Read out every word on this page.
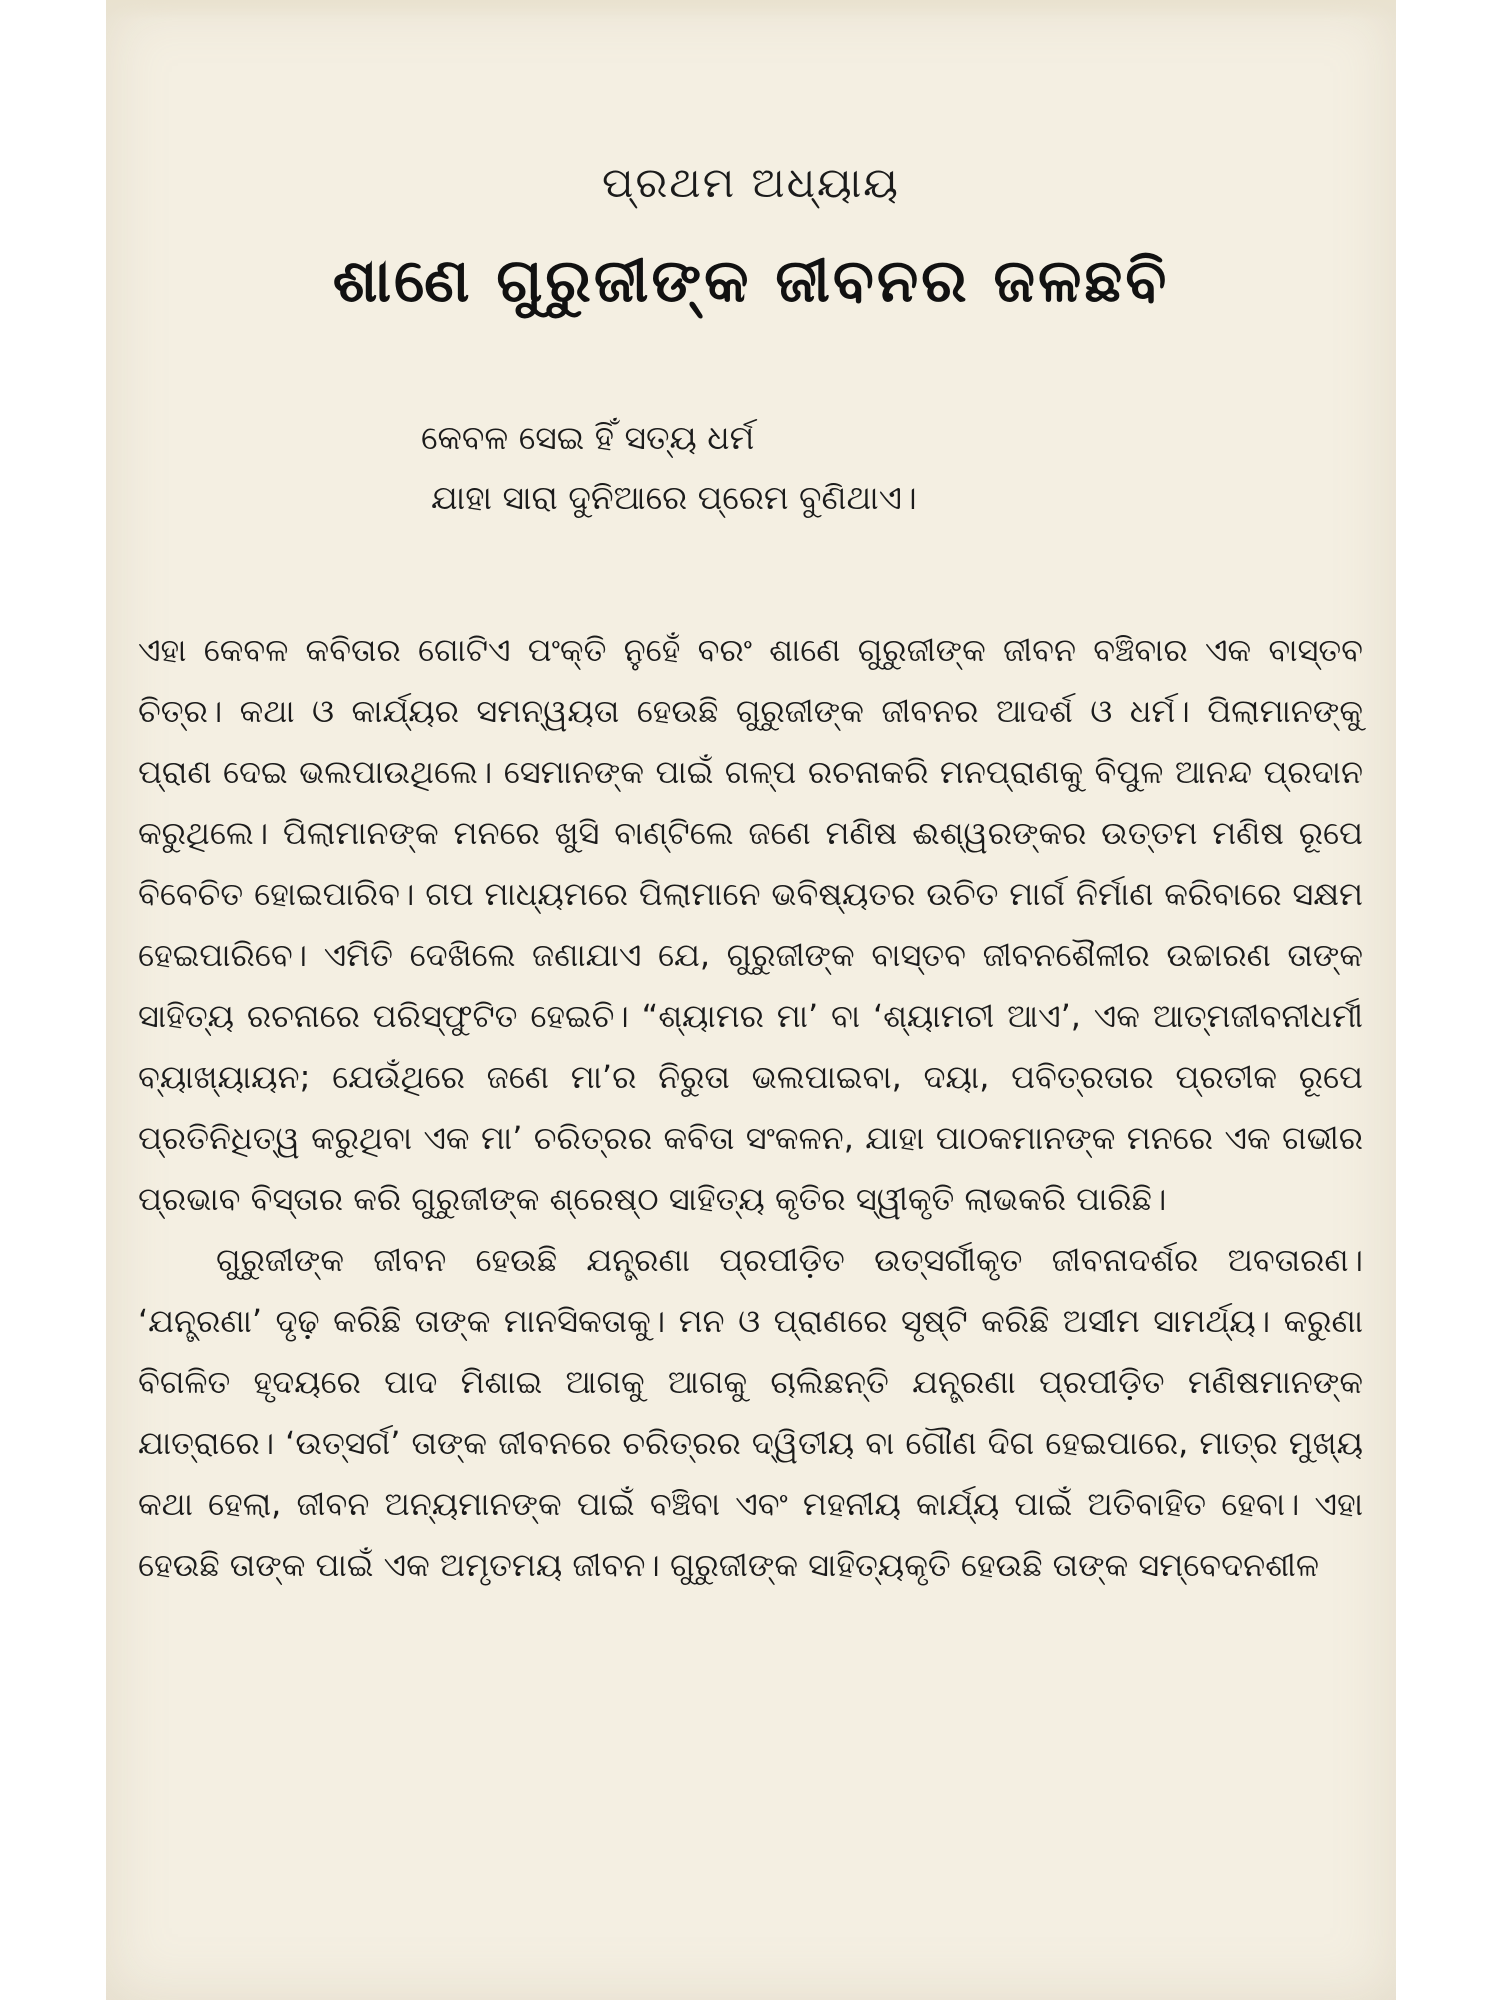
ପ୍ରଥମ ଅଧ୍ୟାୟ
ଶାଣେ ଗୁରୁଜୀଙ୍କ ଜୀବନର ଜଳଛବି
କେବଳ ସେଇ ହିଁ ସତ୍ୟ ଧର୍ମ
ଯାହା ସାରା ଦୁନିଆରେ ପ୍ରେମ ବୁଣିଥାଏ।

ଏହା କେବଳ କବିତାର ଗୋଟିଏ ପଂକ୍ତି ନୁହେଁ ବରଂ ଶାଣେ ଗୁରୁଜୀଙ୍କ ଜୀବନ ବଞ୍ଚିବାର ଏକ ବାସ୍ତବ ଚିତ୍ର। କଥା ଓ କାର୍ଯ୍ୟର ସମନ୍ୱୟତା ହେଉଛି ଗୁରୁଜୀଙ୍କ ଜୀବନର ଆଦର୍ଶ ଓ ଧର୍ମ। ପିଲାମାନଙ୍କୁ ପ୍ରାଣ ଦେଇ ଭଲପାଉଥିଲେ। ସେମାନଙ୍କ ପାଇଁ ଗଳ୍ପ ରଚନାକରି ମନପ୍ରାଣକୁ ବିପୁଳ ଆନନ୍ଦ ପ୍ରଦାନ କରୁଥିଲେ। ପିଲାମାନଙ୍କ ମନରେ ଖୁସି ବାଣ୍ଟିଲେ ଜଣେ ମଣିଷ ଈଶ୍ୱରଙ୍କର ଉତ୍ତମ ମଣିଷ ରୂପେ ବିବେଚିତ ହୋଇପାରିବ। ଗପ ମାଧ୍ୟମରେ ପିଲାମାନେ ଭବିଷ୍ୟତର ଉଚିତ ମାର୍ଗ ନିର୍ମାଣ କରିବାରେ ସକ୍ଷମ ହେଇପାରିବେ। ଏମିତି ଦେଖିଲେ ଜଣାଯାଏ ଯେ, ଗୁରୁଜୀଙ୍କ ବାସ୍ତବ ଜୀବନଶୈଳୀର ଉଚ୍ଚାରଣ ତାଙ୍କ ସାହିତ୍ୟ ରଚନାରେ ପରିସ୍ଫୁଟିତ ହେଇଚି। “ଶ୍ୟାମର ମା’ ବା ‘ଶ୍ୟାମଚୀ ଆଏ’, ଏକ ଆତ୍ମଜୀବନୀଧର୍ମୀ ବ୍ୟାଖ୍ୟାୟନ; ଯେଉଁଥିରେ ଜଣେ ମା’ର ନିରୁତା ଭଲପାଇବା, ଦୟା, ପବିତ୍ରତାର ପ୍ରତୀକ ରୂପେ ପ୍ରତିନିଧିତ୍ୱ କରୁଥିବା ଏକ ମା’ ଚରିତ୍ରର କବିତା ସଂକଳନ, ଯାହା ପାଠକମାନଙ୍କ ମନରେ ଏକ ଗଭୀର ପ୍ରଭାବ ବିସ୍ତାର କରି ଗୁରୁଜୀଙ୍କ ଶ୍ରେଷ୍ଠ ସାହିତ୍ୟ କୃତିର ସ୍ୱୀକୃତି ଲାଭକରି ପାରିଛି।

ଗୁରୁଜୀଙ୍କ ଜୀବନ ହେଉଛି ଯନ୍ତ୍ରଣା ପ୍ରପୀଡ଼ିତ ଉତ୍ସର୍ଗୀକୃତ ଜୀବନାଦର୍ଶର ଅବତାରଣ। ‘ଯନ୍ତ୍ରଣା’ ଦୃଢ଼ କରିଛି ତାଙ୍କ ମାନସିକତାକୁ। ମନ ଓ ପ୍ରାଣରେ ସୃଷ୍ଟି କରିଛି ଅସୀମ ସାମର୍ଥ୍ୟ। କରୁଣା ବିଗଳିତ ହୃଦୟରେ ପାଦ ମିଶାଇ ଆଗକୁ ଆଗକୁ ଚାଲିଛନ୍ତି ଯନ୍ତ୍ରଣା ପ୍ରପୀଡ଼ିତ ମଣିଷମାନଙ୍କ ଯାତ୍ରାରେ। ‘ଉତ୍ସର୍ଗ’ ତାଙ୍କ ଜୀବନରେ ଚରିତ୍ରର ଦ୍ୱିତୀୟ ବା ଗୌଣ ଦିଗ ହେଇପାରେ, ମାତ୍ର ମୁଖ୍ୟ କଥା ହେଲା, ଜୀବନ ଅନ୍ୟମାନଙ୍କ ପାଇଁ ବଞ୍ଚିବା ଏବଂ ମହନୀୟ କାର୍ଯ୍ୟ ପାଇଁ ଅତିବାହିତ ହେବା। ଏହା ହେଉଛି ତାଙ୍କ ପାଇଁ ଏକ ଅମୃତମୟ ଜୀବନ। ଗୁରୁଜୀଙ୍କ ସାହିତ୍ୟକୃତି ହେଉଛି ତାଙ୍କ ସମ୍ବେଦନଶୀଳ
